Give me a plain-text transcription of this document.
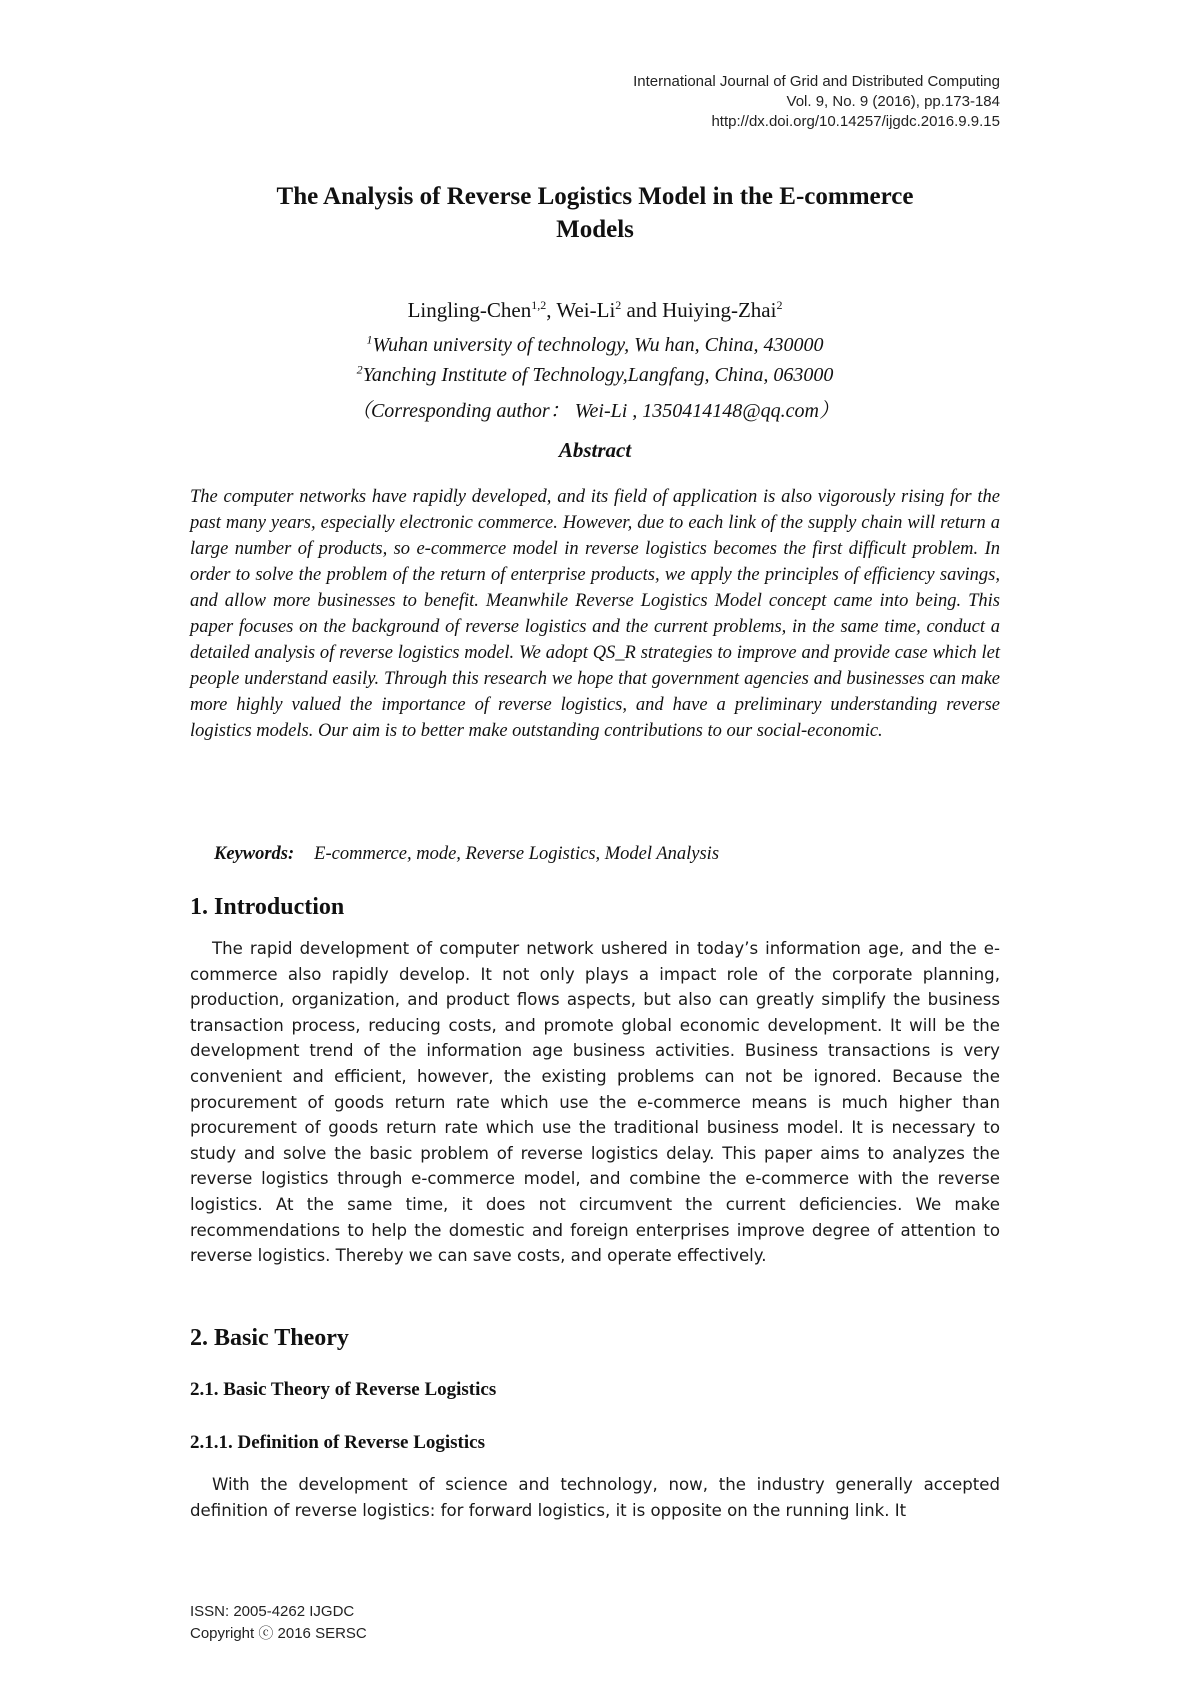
International Journal of Grid and Distributed Computing
Vol. 9, No. 9 (2016), pp.173-184
http://dx.doi.org/10.14257/ijgdc.2016.9.9.15
The Analysis of Reverse Logistics Model in the E-commerce
Models
Lingling-Chen$^{1,2}$, Wei-Li$^2$ and Huiying-Zhai$^2$
$^1$Wuhan university of technology, Wu han, China, 430000
$^2$Yanching Institute of Technology,Langfang, China, 063000
（Corresponding author： Wei-Li , 1350414148@qq.com）
Abstract
The computer networks have rapidly developed, and its field of application is also vigorously rising for the past many years, especially electronic commerce. However, due to each link of the supply chain will return a large number of products, so e-commerce model in reverse logistics becomes the first difficult problem. In order to solve the problem of the return of enterprise products, we apply the principles of efficiency savings, and allow more businesses to benefit. Meanwhile Reverse Logistics Model concept came into being. This paper focuses on the background of reverse logistics and the current problems, in the same time, conduct a detailed analysis of reverse logistics model. We adopt QS_R strategies to improve and provide case which let people understand easily. Through this research we hope that government agencies and businesses can make more highly valued the importance of reverse logistics, and have a preliminary understanding reverse logistics models. Our aim is to better make outstanding contributions to our social-economic.
Keywords: E-commerce, mode, Reverse Logistics, Model Analysis
1. Introduction
The rapid development of computer network ushered in today’s information age, and the e-commerce also rapidly develop. It not only plays a impact role of the corporate planning, production, organization, and product flows aspects, but also can greatly simplify the business transaction process, reducing costs, and promote global economic development. It will be the development trend of the information age business activities. Business transactions is very convenient and efficient, however, the existing problems can not be ignored. Because the procurement of goods return rate which use the e-commerce means is much higher than procurement of goods return rate which use the traditional business model. It is necessary to study and solve the basic problem of reverse logistics delay. This paper aims to analyzes the reverse logistics through e-commerce model, and combine the e-commerce with the reverse logistics. At the same time, it does not circumvent the current deficiencies. We make recommendations to help the domestic and foreign enterprises improve degree of attention to reverse logistics. Thereby we can save costs, and operate effectively.
2. Basic Theory
2.1. Basic Theory of Reverse Logistics
2.1.1. Definition of Reverse Logistics
With the development of science and technology, now, the industry generally accepted definition of reverse logistics: for forward logistics, it is opposite on the running link. It
ISSN: 2005-4262 IJGDC
Copyright ⓒ 2016 SERSC
